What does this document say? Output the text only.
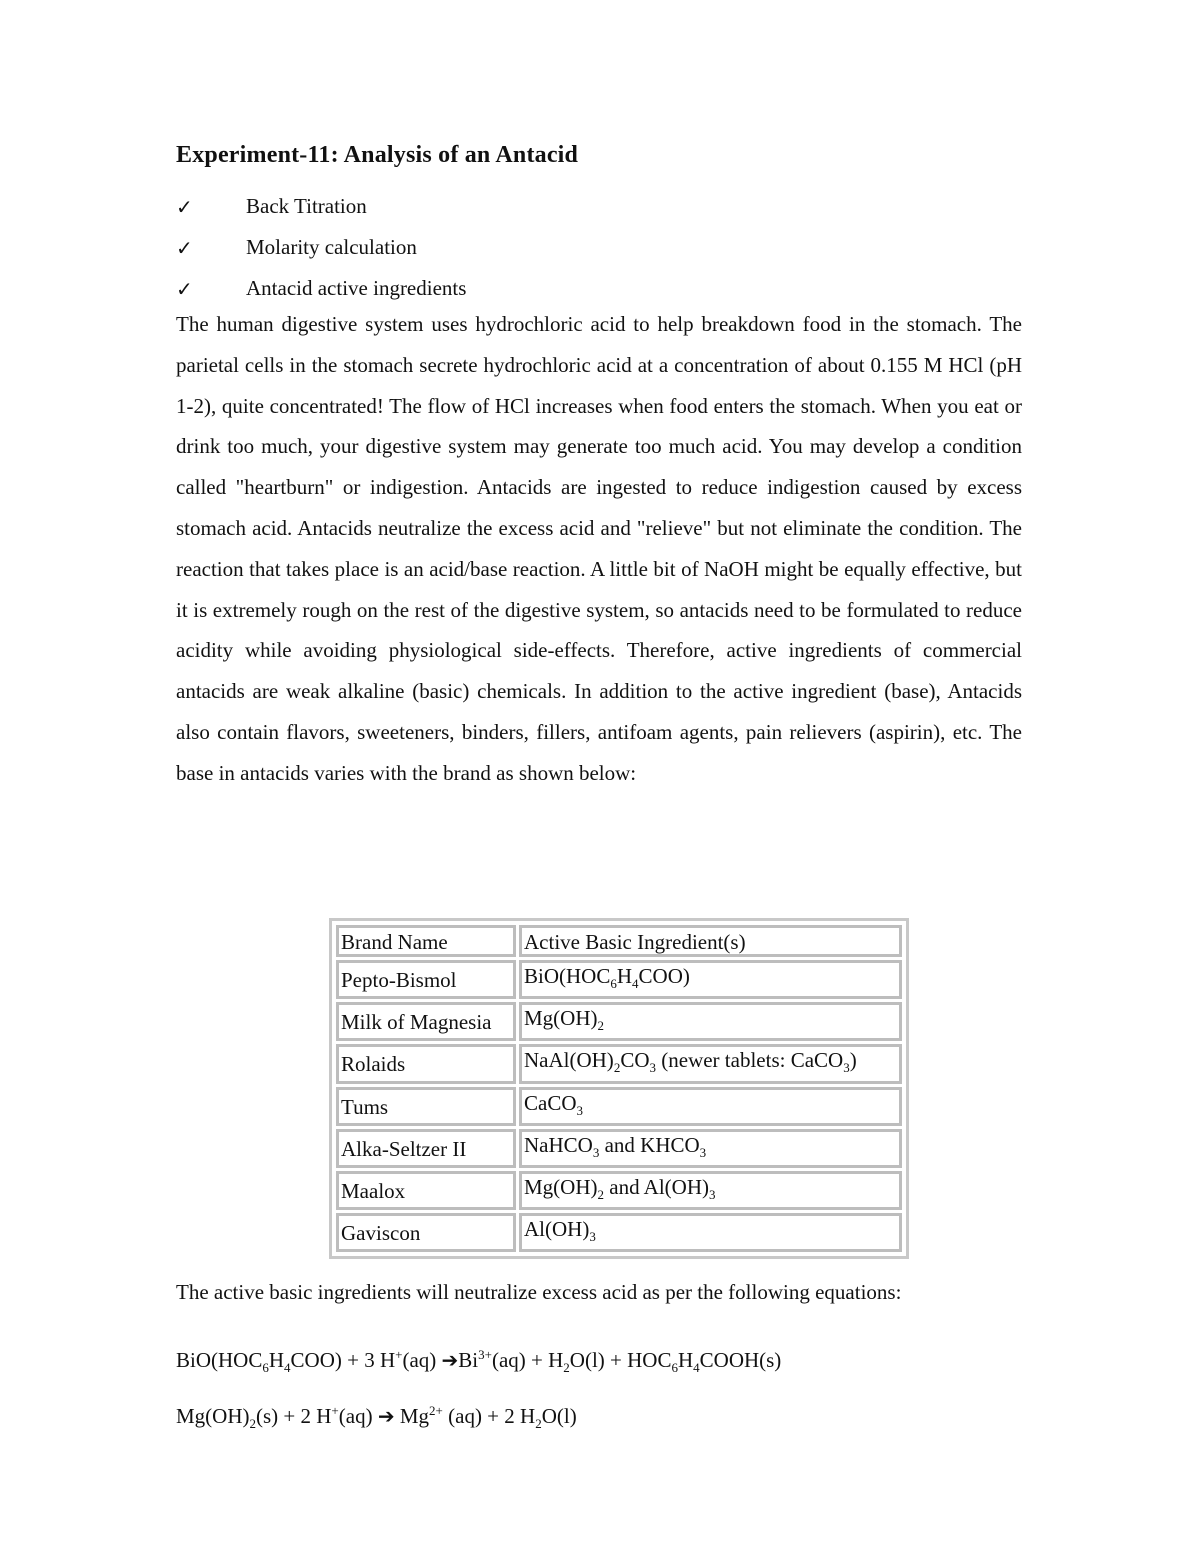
Experiment-11: Analysis of an Antacid
✓	Back Titration
✓	Molarity calculation
✓	Antacid active ingredients

The human digestive system uses hydrochloric acid to help breakdown food in the stomach. The parietal cells in the stomach secrete hydrochloric acid at a concentration of about 0.155 M HCl (pH 1-2), quite concentrated! The flow of HCl increases when food enters the stomach. When you eat or drink too much, your digestive system may generate too much acid. You may develop a condition called "heartburn" or indigestion. Antacids are ingested to reduce indigestion caused by excess stomach acid. Antacids neutralize the excess acid and "relieve" but not eliminate the condition. The reaction that takes place is an acid/base reaction. A little bit of NaOH might be equally effective, but it is extremely rough on the rest of the digestive system, so antacids need to be formulated to reduce acidity while avoiding physiological side-effects. Therefore, active ingredients of commercial antacids are weak alkaline (basic) chemicals. In addition to the active ingredient (base), Antacids also contain flavors, sweeteners, binders, fillers, antifoam agents, pain relievers (aspirin), etc. The base in antacids varies with the brand as shown below:

Brand Name	Active Basic Ingredient(s)
Pepto-Bismol	$BiO(HOC_6H_4COO)$
Milk of Magnesia	$Mg(OH)_2$
Rolaids	$NaAl(OH)_2CO_3$ (newer tablets: CaCO$_3$)
Tums	CaCO$_3$
Alka-Seltzer II	NaHCO$_3$ and $KHCO_3$
Maalox	$Mg(OH)_2$ and $Al(OH)_3$
Gaviscon	$Al(OH)_3$
The active basic ingredients will neutralize excess acid as per the following equations:
$BiO(HOC_6H_4COO) + 3$ H+(aq) $➔Bi^{3+}(aq) + H_2O(l)$ + $HOC_6H_4COOH(s)$
$Mg(OH)_2(s) + 2$ H+(aq) ➔ $Mg^{2+}$ (aq) + 2 $H_2O(l)$
